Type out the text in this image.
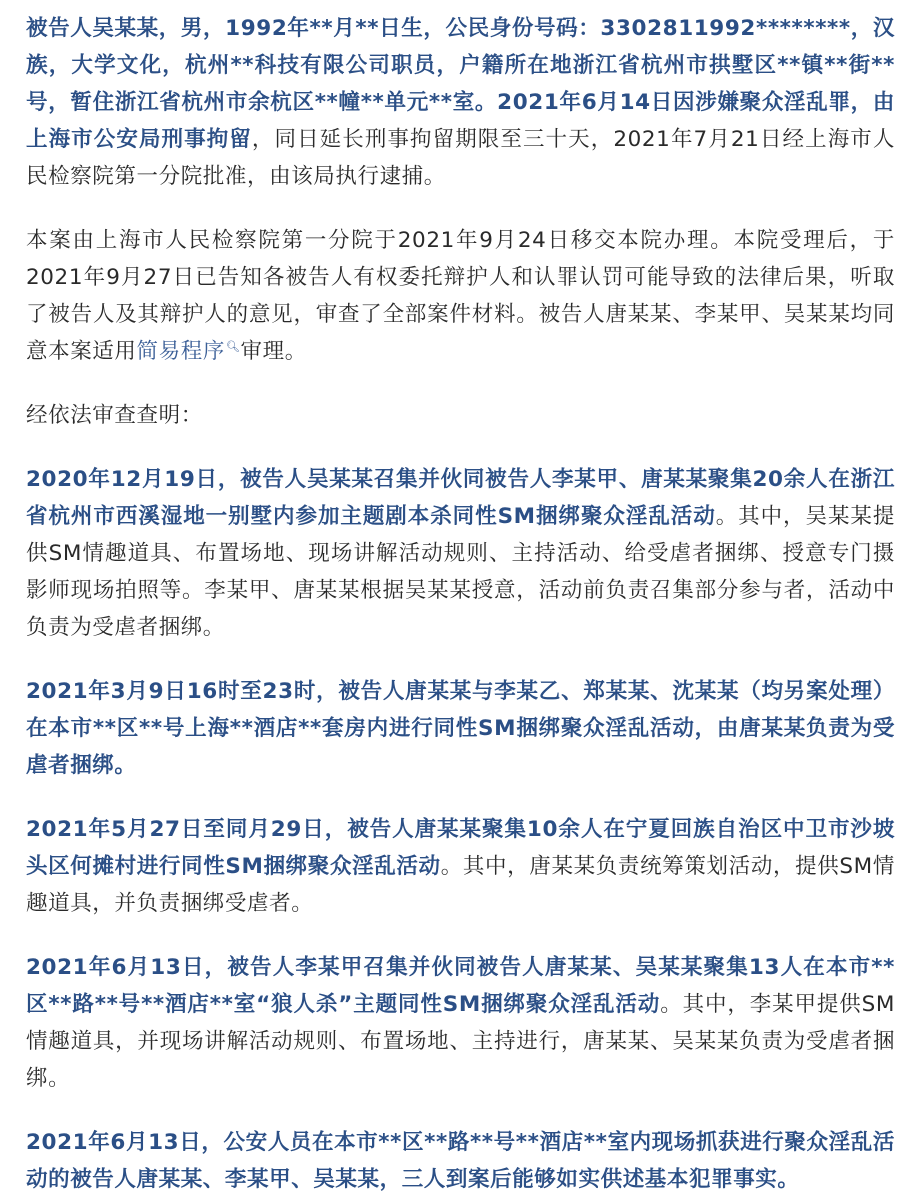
被告人吴某某，男，1992年**月**日生，公民身份号码：3302811992********，汉族，大学文化，杭州**科技有限公司职员，户籍所在地浙江省杭州市拱墅区**镇**街**号，暂住浙江省杭州市余杭区**幢**单元**室。2021年6月14日因涉嫌聚众淫乱罪，由上海市公安局刑事拘留，同日延长刑事拘留期限至三十天，2021年7月21日经上海市人民检察院第一分院批准，由该局执行逮捕。

本案由上海市人民检察院第一分院于2021年9月24日移交本院办理。本院受理后，于2021年9月27日已告知各被告人有权委托辩护人和认罪认罚可能导致的法律后果，听取了被告人及其辩护人的意见，审查了全部案件材料。被告人唐某某、李某甲、吴某某均同意本案适用简易程序🔍︎审理。

经依法审查查明：

2020年12月19日，被告人吴某某召集并伙同被告人李某甲、唐某某聚集20余人在浙江省杭州市西溪湿地一别墅内参加主题剧本杀同性SM捆绑聚众淫乱活动。其中，吴某某提供SM情趣道具、布置场地、现场讲解活动规则、主持活动、给受虐者捆绑、授意专门摄影师现场拍照等。李某甲、唐某某根据吴某某授意，活动前负责召集部分参与者，活动中负责为受虐者捆绑。

2021年3月9日16时至23时，被告人唐某某与李某乙、郑某某、沈某某（均另案处理）在本市**区**号上海**酒店**套房内进行同性SM捆绑聚众淫乱活动，由唐某某负责为受虐者捆绑。

2021年5月27日至同月29日，被告人唐某某聚集10余人在宁夏回族自治区中卫市沙坡头区何摊村进行同性SM捆绑聚众淫乱活动。其中，唐某某负责统筹策划活动，提供SM情趣道具，并负责捆绑受虐者。

2021年6月13日，被告人李某甲召集并伙同被告人唐某某、吴某某聚集13人在本市**区**路**号**酒店**室“狼人杀”主题同性SM捆绑聚众淫乱活动。其中，李某甲提供SM情趣道具，并现场讲解活动规则、布置场地、主持进行，唐某某、吴某某负责为受虐者捆绑。

2021年6月13日，公安人员在本市**区**路**号**酒店**室内现场抓获进行聚众淫乱活动的被告人唐某某、李某甲、吴某某，三人到案后能够如实供述基本犯罪事实。
